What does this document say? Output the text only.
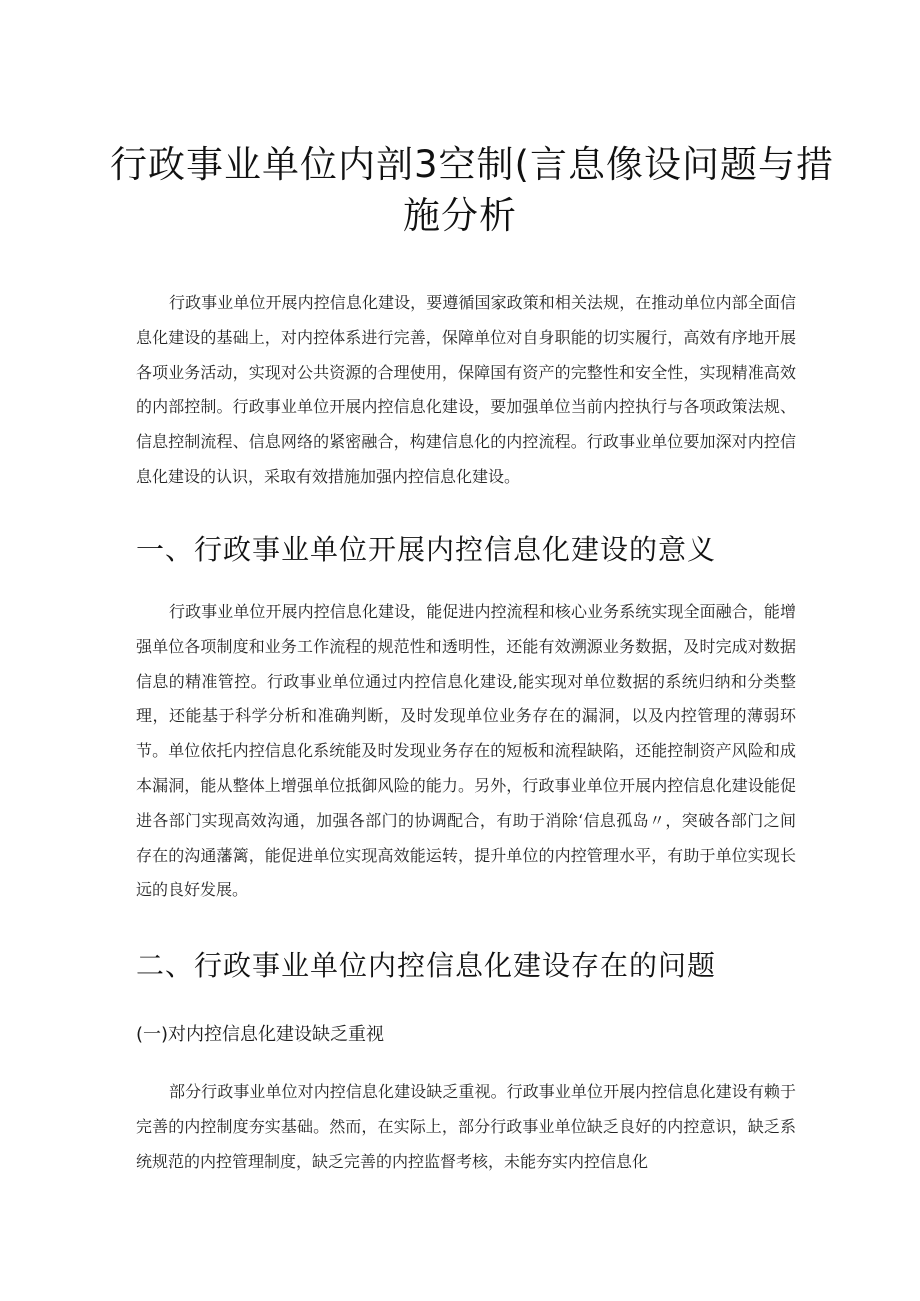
行政事业单位内剖3空制(言息像设问题与措
施分析

行政事业单位开展内控信息化建设，要遵循国家政策和相关法规，在推动单位内部全面信息化建设的基础上，对内控体系进行完善，保障单位对自身职能的切实履行，高效有序地开展各项业务活动，实现对公共资源的合理使用，保障国有资产的完整性和安全性，实现精准高效的内部控制。行政事业单位开展内控信息化建设，要加强单位当前内控执行与各项政策法规、信息控制流程、信息网络的紧密融合，构建信息化的内控流程。行政事业单位要加深对内控信息化建设的认识，采取有效措施加强内控信息化建设。

一、行政事业单位开展内控信息化建设的意义

行政事业单位开展内控信息化建设，能促进内控流程和核心业务系统实现全面融合，能增强单位各项制度和业务工作流程的规范性和透明性，还能有效溯源业务数据，及时完成对数据信息的精准管控。行政事业单位通过内控信息化建设,能实现对单位数据的系统归纳和分类整理，还能基于科学分析和准确判断，及时发现单位业务存在的漏洞，以及内控管理的薄弱环节。单位依托内控信息化系统能及时发现业务存在的短板和流程缺陷，还能控制资产风险和成本漏洞，能从整体上增强单位抵御风险的能力。另外，行政事业单位开展内控信息化建设能促进各部门实现高效沟通，加强各部门的协调配合，有助于消除‘信息孤岛〃，突破各部门之间存在的沟通藩篱，能促进单位实现高效能运转，提升单位的内控管理水平，有助于单位实现长远的良好发展。

二、行政事业单位内控信息化建设存在的问题
(一)对内控信息化建设缺乏重视

部分行政事业单位对内控信息化建设缺乏重视。行政事业单位开展内控信息化建设有赖于完善的内控制度夯实基础。然而，在实际上，部分行政事业单位缺乏良好的内控意识，缺乏系统规范的内控管理制度，缺乏完善的内控监督考核，未能夯实内控信息化
